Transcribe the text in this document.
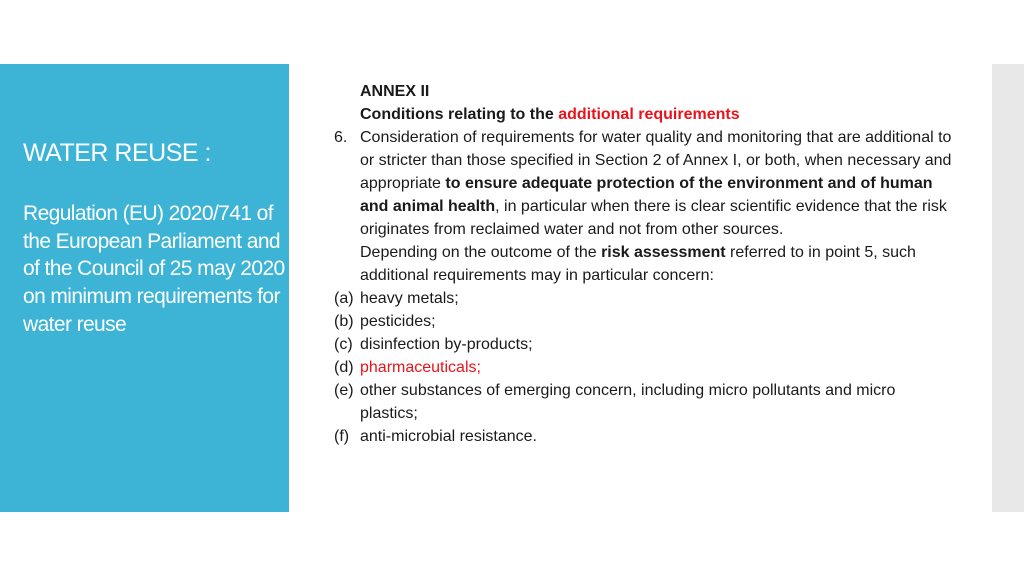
WATER REUSE :
Regulation (EU) 2020/741 of the European Parliament and of the Council of 25 may 2020 on minimum requirements for water reuse
ANNEX II
Conditions relating to the additional requirements
6. Consideration of requirements for water quality and monitoring that are additional to or stricter than those specified in Section 2 of Annex I, or both, when necessary and appropriate to ensure adequate protection of the environment and of human and animal health, in particular when there is clear scientific evidence that the risk originates from reclaimed water and not from other sources.
Depending on the outcome of the risk assessment referred to in point 5, such additional requirements may in particular concern:
(a) heavy metals;
(b) pesticides;
(c) disinfection by-products;
(d) pharmaceuticals;
(e) other substances of emerging concern, including micro pollutants and micro plastics;
(f) anti-microbial resistance.
